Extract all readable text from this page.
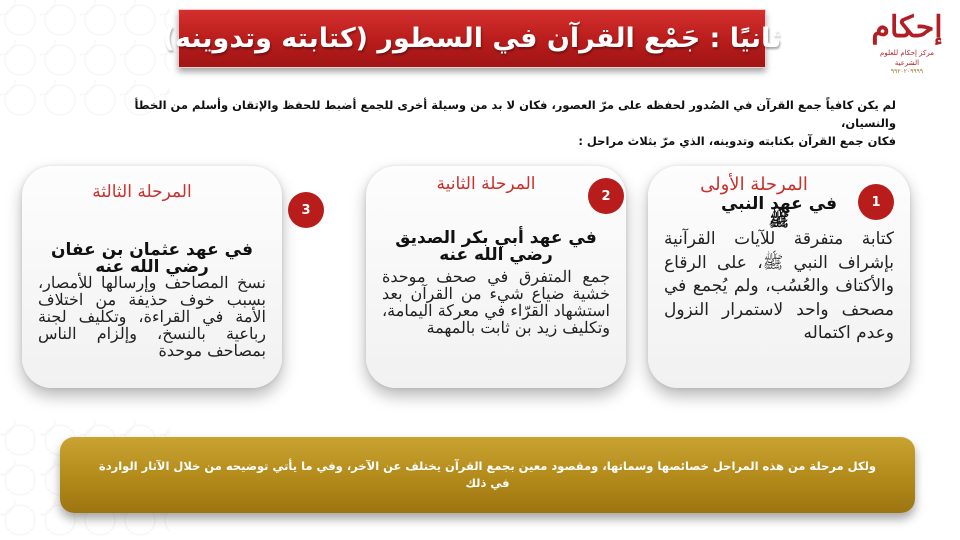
إحكام
مركز إحكام للعلوم الشرعية
٩٩٢٠٢٠٩٩٩٩
ثانيًا : جَمْع القرآن في السطور (كتابته وتدوينه)

لم يكن كافياً جمع القرآن في الصُدور لحفظه على مرّ العصور، فكان لا بد من وسيلة أخرى للجمع أضبط للحفظ والإتقان وأسلم من الخطأ والنسيان،

فكان جمع القرآن بكتابته وتدوينه، الذي مرّ بثلاث مراحل :

المرحلة الأولى
1
في عهد النبي ﷺ
كتابة متفرقة للآيات القرآنية بإشراف النبي ﷺ، على الرقاع والأكتاف والعُسُب، ولم يُجمع في مصحف واحد لاستمرار النزول وعدم اكتماله
المرحلة الثانية
2
في عهد أبي بكر الصديق رضي الله عنه
جمع المتفرق في صحف موحدة خشية ضياع شيء من القرآن بعد استشهاد القرّاء في معركة اليمامة، وتكليف زيد بن ثابت بالمهمة
المرحلة الثالثة
3
في عهد عثمان بن عفان رضي الله عنه
نسخ المصاحف وإرسالها للأمصار، بسبب خوف حذيفة من اختلاف الأمة في القراءة، وتكليف لجنة رباعية بالنسخ، وإلزام الناس بمصاحف موحدة

ولكل مرحلة من هذه المراحل خصائصها وسماتها، ومقصود معين بجمع القرآن يختلف عن الآخر، وفي ما يأتي توضيحه من خلال الآثار الواردة في ذلك
